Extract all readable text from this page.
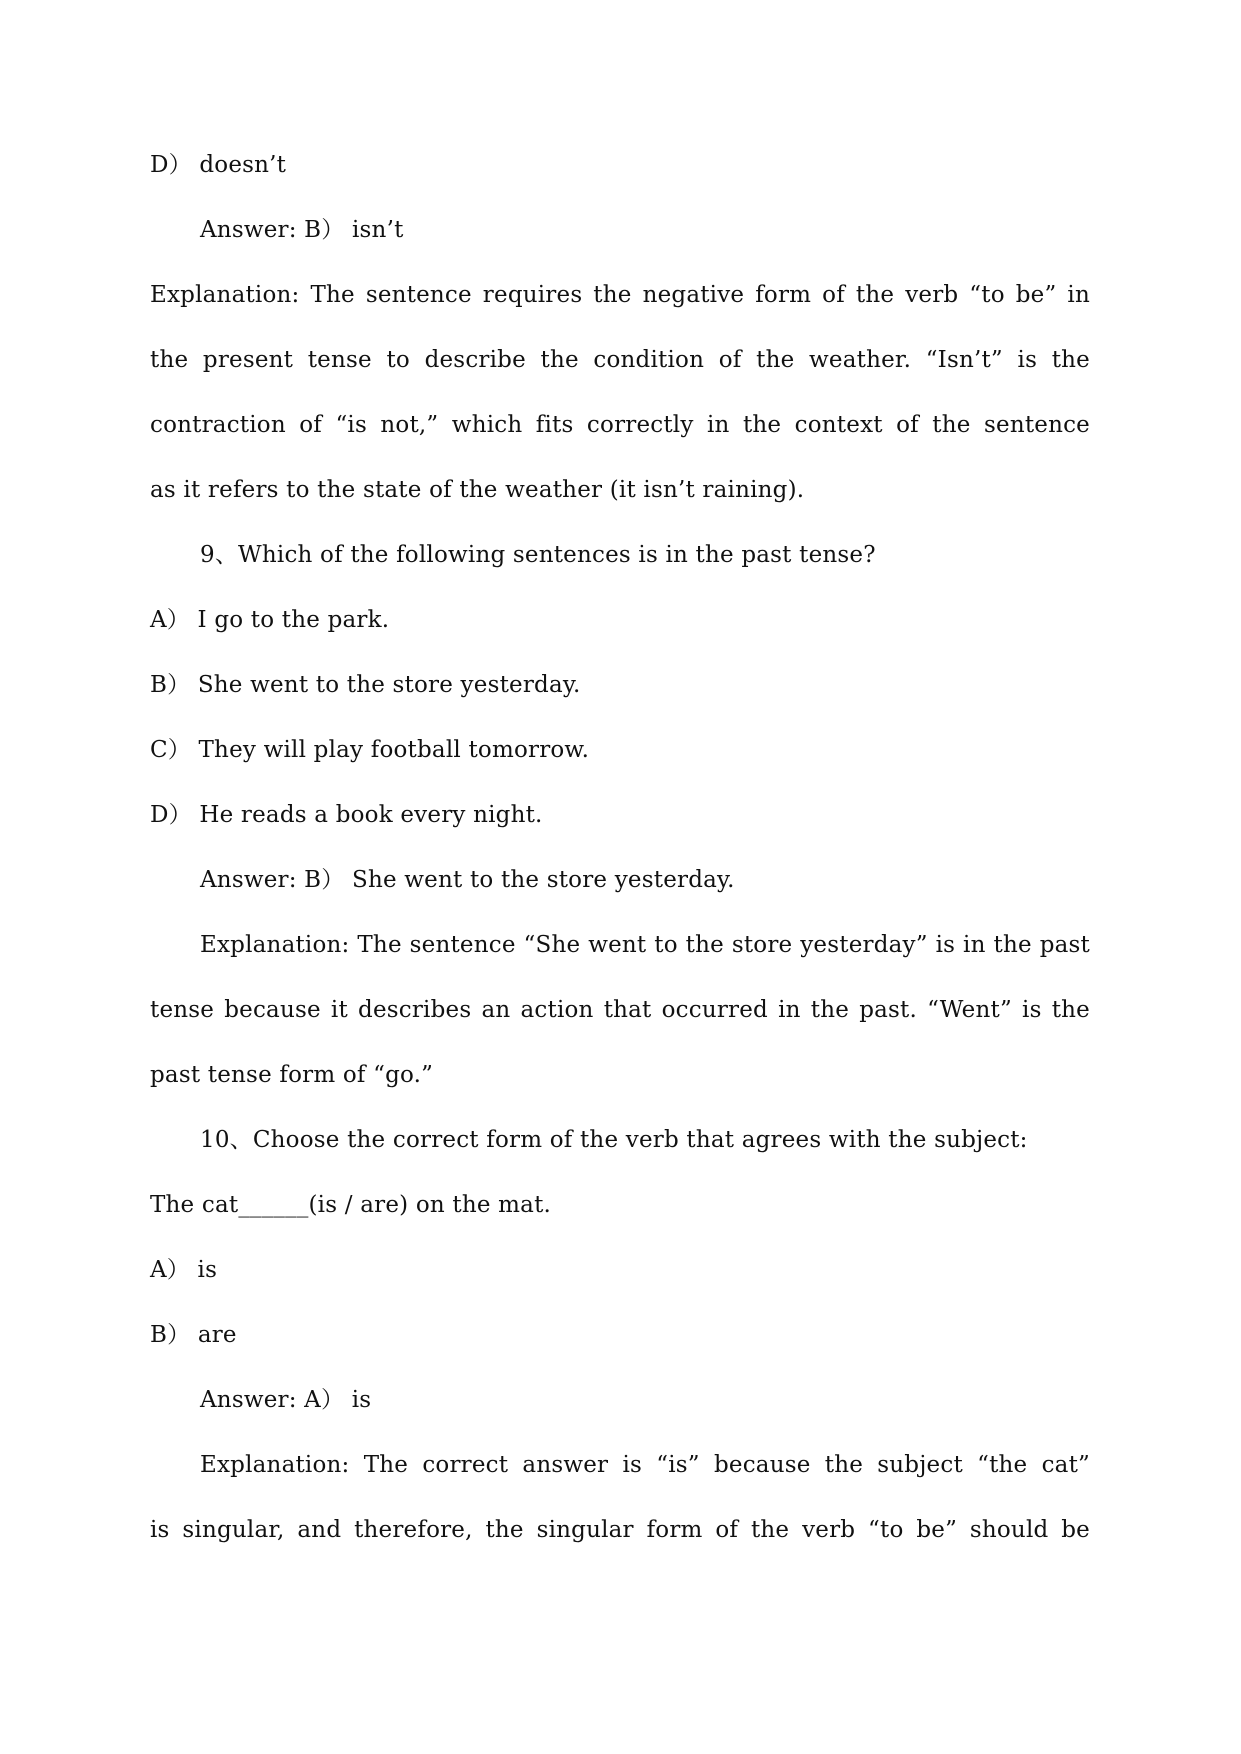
D） doesn’t
Answer: B） isn’t
Explanation: The sentence requires the negative form of the verb “to be” in
the present tense to describe the condition of the weather. “Isn’t” is the
contraction of “is not,” which fits correctly in the context of the sentence
as it refers to the state of the weather (it isn’t raining).
9、Which of the following sentences is in the past tense?
A） I go to the park.
B） She went to the store yesterday.
C） They will play football tomorrow.
D） He reads a book every night.
Answer: B） She went to the store yesterday.
Explanation: The sentence “She went to the store yesterday” is in the past
tense because it describes an action that occurred in the past. “Went” is the
past tense form of “go.”
10、Choose the correct form of the verb that agrees with the subject:
The cat______(is / are) on the mat.
A） is
B） are
Answer: A） is
Explanation: The correct answer is “is” because the subject “the cat”
is singular, and therefore, the singular form of the verb “to be” should be
